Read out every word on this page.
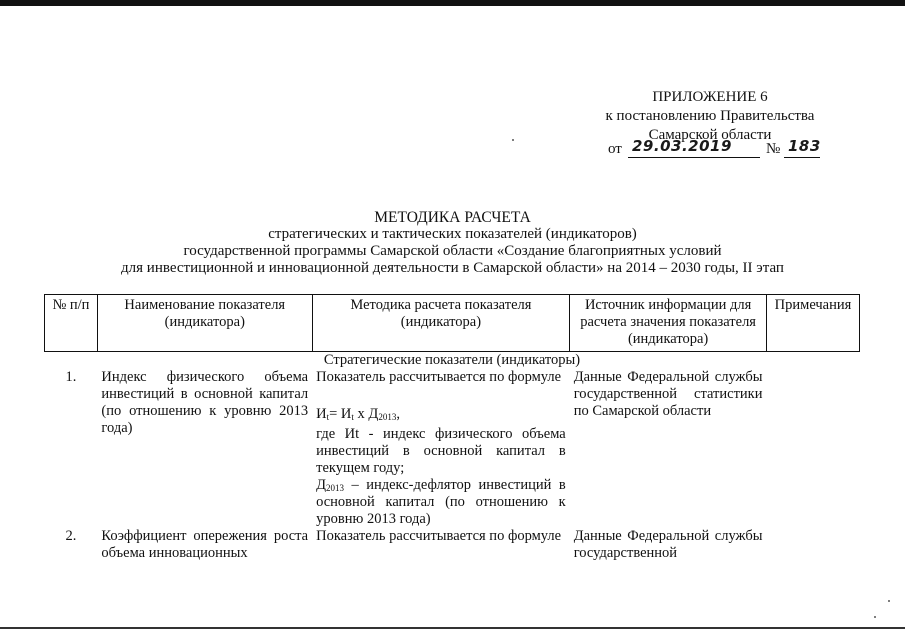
ПРИЛОЖЕНИЕ 6
к постановлению Правительства
Самарской области
от 29.03.2019 № 183
МЕТОДИКА РАСЧЕТА
стратегических и тактических показателей (индикаторов)
государственной программы Самарской области «Создание благоприятных условий
для инвестиционной и инновационной деятельности в Самарской области» на 2014 – 2030 годы, II этап
№ п/п	Наименование показателя (индикатора)	Методика расчета показателя (индикатора)	Источник информации для расчета значения показателя (индикатора)	Примечания
Стратегические показатели (индикаторы)				
1.	Индекс физического объема инвестиций в основной капитал (по отношению к уровню 2013 года)	Показатель рассчитывается по формуле
$И_t= И_t$ x $Д_{2013}$,
где Иt - индекс физического объема инвестиций в основной капитал в текущем году;
$Д_{2013}$ – индекс-дефлятор инвестиций в основной капитал (по отношению к уровню 2013 года)	Данные Федеральной службы государственной статистики по Самарской области	
2.	Коэффициент опережения роста объема инновационных	Показатель рассчитывается по формуле	Данные Федеральной службы государственной	
